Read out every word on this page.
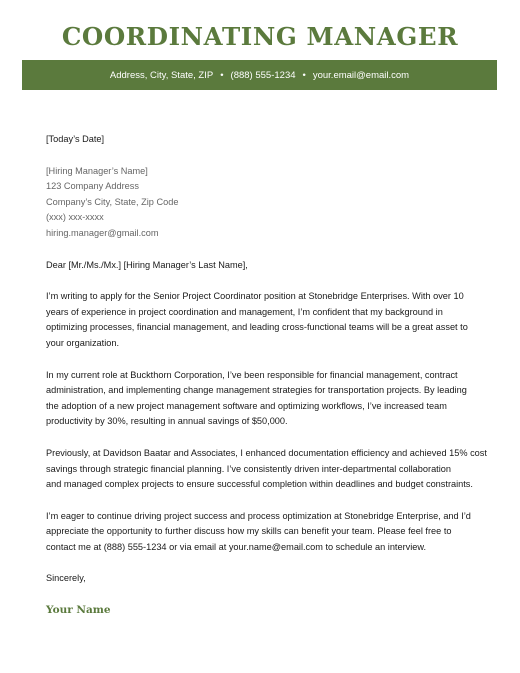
COORDINATING MANAGER
Address, City, State, ZIP • (888) 555-1234 • your.email@email.com
[Today’s Date]
[Hiring Manager’s Name]
123 Company Address
Company’s City, State, Zip Code
(xxx) xxx-xxxx
hiring.manager@gmail.com
Dear [Mr./Ms./Mx.] [Hiring Manager’s Last Name],
I’m writing to apply for the Senior Project Coordinator position at Stonebridge Enterprises. With over 10
years of experience in project coordination and management, I’m confident that my background in
optimizing processes, financial management, and leading cross-functional teams will be a great asset to
your organization.
In my current role at Buckthorn Corporation, I’ve been responsible for financial management, contract
administration, and implementing change management strategies for transportation projects. By leading
the adoption of a new project management software and optimizing workflows, I’ve increased team
productivity by 30%, resulting in annual savings of $50,000.
Previously, at Davidson Baatar and Associates, I enhanced documentation efficiency and achieved 15% cost
savings through strategic financial planning. I’ve consistently driven inter-departmental collaboration
and managed complex projects to ensure successful completion within deadlines and budget constraints.
I’m eager to continue driving project success and process optimization at Stonebridge Enterprise, and I’d
appreciate the opportunity to further discuss how my skills can benefit your team. Please feel free to
contact me at (888) 555-1234 or via email at your.name@email.com to schedule an interview.
Sincerely,
Your Name
